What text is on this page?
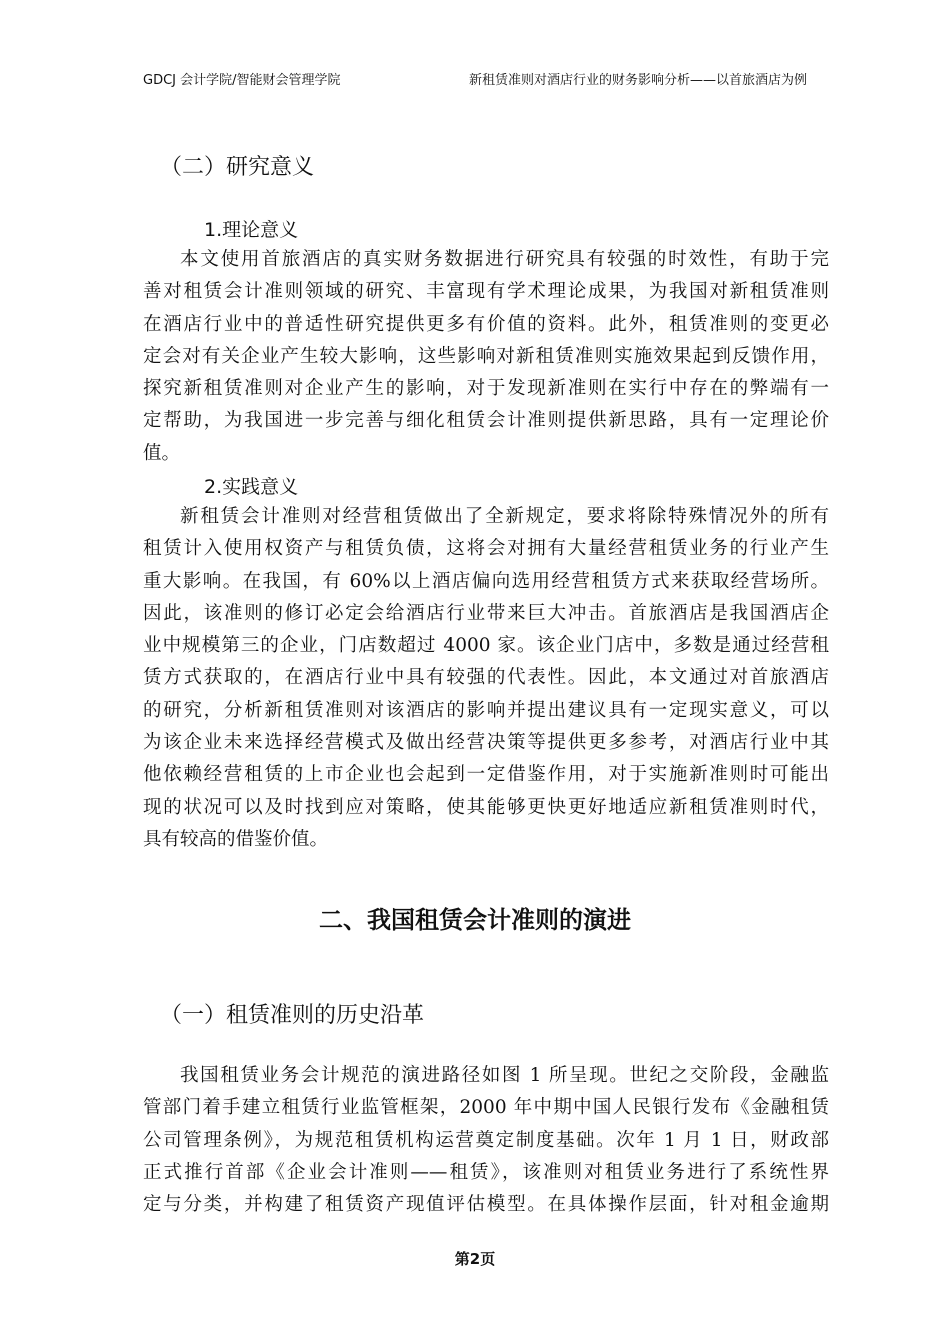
GDCJ 会计学院/智能财会管理学院	新租赁准则对酒店行业的财务影响分析——以首旅酒店为例
（二）研究意义
1.理论意义
本文使用首旅酒店的真实财务数据进行研究具有较强的时效性，有助于完
善对租赁会计准则领域的研究、丰富现有学术理论成果，为我国对新租赁准则
在酒店行业中的普适性研究提供更多有价值的资料。此外，租赁准则的变更必
定会对有关企业产生较大影响，这些影响对新租赁准则实施效果起到反馈作用，
探究新租赁准则对企业产生的影响，对于发现新准则在实行中存在的弊端有一
定帮助，为我国进一步完善与细化租赁会计准则提供新思路，具有一定理论价
值。
2.实践意义
新租赁会计准则对经营租赁做出了全新规定，要求将除特殊情况外的所有
租赁计入使用权资产与租赁负债，这将会对拥有大量经营租赁业务的行业产生
重大影响。在我国，有 60%以上酒店偏向选用经营租赁方式来获取经营场所。
因此，该准则的修订必定会给酒店行业带来巨大冲击。首旅酒店是我国酒店企
业中规模第三的企业，门店数超过 4000 家。该企业门店中，多数是通过经营租
赁方式获取的，在酒店行业中具有较强的代表性。因此，本文通过对首旅酒店
的研究，分析新租赁准则对该酒店的影响并提出建议具有一定现实意义，可以
为该企业未来选择经营模式及做出经营决策等提供更多参考，对酒店行业中其
他依赖经营租赁的上市企业也会起到一定借鉴作用，对于实施新准则时可能出
现的状况可以及时找到应对策略，使其能够更快更好地适应新租赁准则时代，
具有较高的借鉴价值。
二、我国租赁会计准则的演进
（一）租赁准则的历史沿革
我国租赁业务会计规范的演进路径如图 1 所呈现。世纪之交阶段，金融监
管部门着手建立租赁行业监管框架，2000 年中期中国人民银行发布《金融租赁
公司管理条例》，为规范租赁机构运营奠定制度基础。次年 1 月 1 日，财政部
正式推行首部《企业会计准则——租赁》，该准则对租赁业务进行了系统性界
定与分类，并构建了租赁资产现值评估模型。在具体操作层面，针对租金逾期
第2页
